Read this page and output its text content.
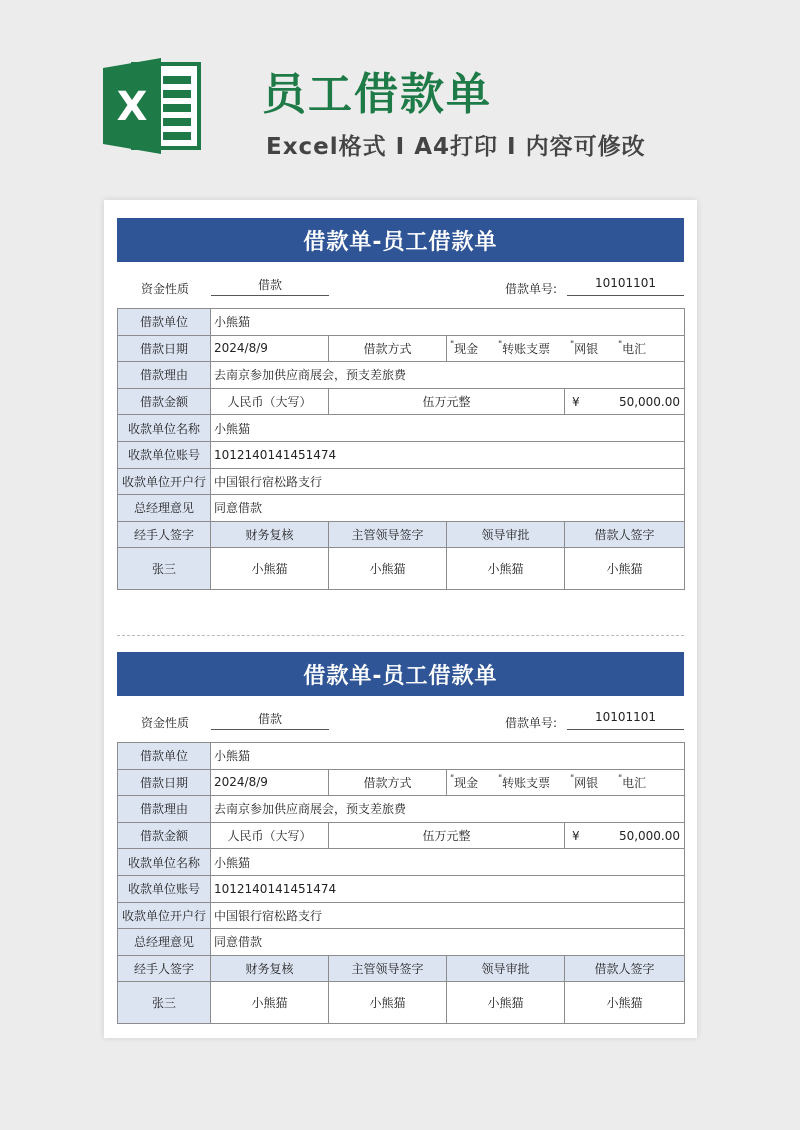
X	员工借款单
Excel格式 I A4打印 I 内容可修改
借款单-员工借款单
资金性质	借款	借款单号:	10101101
借款单位	小熊猫			
借款日期	2024/8/9	借款方式	"现金 "转账支票 "网银 "电汇	
借款理由	去南京参加供应商展会，预支差旅费			
借款金额	人民币（大写）	伍万元整		¥ 50,000.00

收款单位名称	小熊猫			
收款单位账号	1012140141451474			
收款单位开户行	中国银行宿松路支行			
总经理意见	同意借款			
经手人签字	财务复核	主管领导签字	领导审批	借款人签字
张三	小熊猫	小熊猫	小熊猫	小熊猫
借款单-员工借款单
资金性质	借款	借款单号:	10101101
借款单位	小熊猫			
借款日期	2024/8/9	借款方式	"现金 "转账支票 "网银 "电汇	
借款理由	去南京参加供应商展会，预支差旅费			
借款金额	人民币（大写）	伍万元整		¥ 50,000.00

收款单位名称	小熊猫			
收款单位账号	1012140141451474			
收款单位开户行	中国银行宿松路支行			
总经理意见	同意借款			
经手人签字	财务复核	主管领导签字	领导审批	借款人签字
张三	小熊猫	小熊猫	小熊猫	小熊猫
